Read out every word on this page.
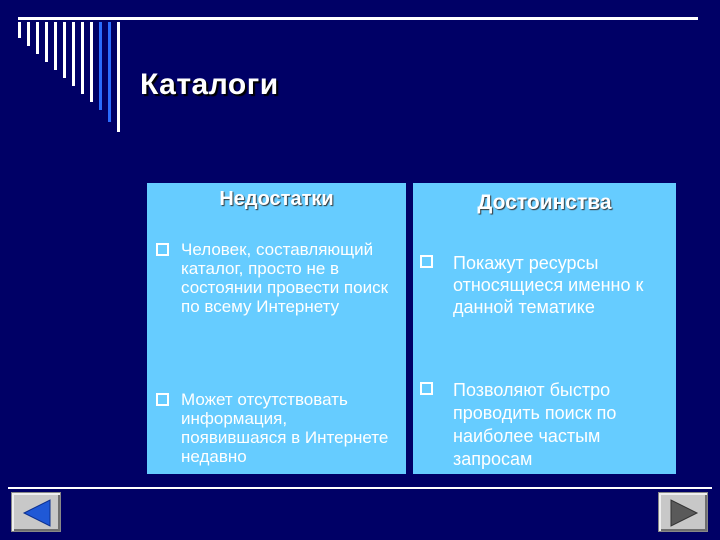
Каталоги
Недостатки
Человек, составляющий каталог, просто не в состоянии провести поиск по всему Интернету
Может отсутствовать информация, появившаяся в Интернете недавно
Достоинства
Покажут ресурсы относящиеся именно к данной тематике
Позволяют быстро проводить поиск по наиболее частым запросам
